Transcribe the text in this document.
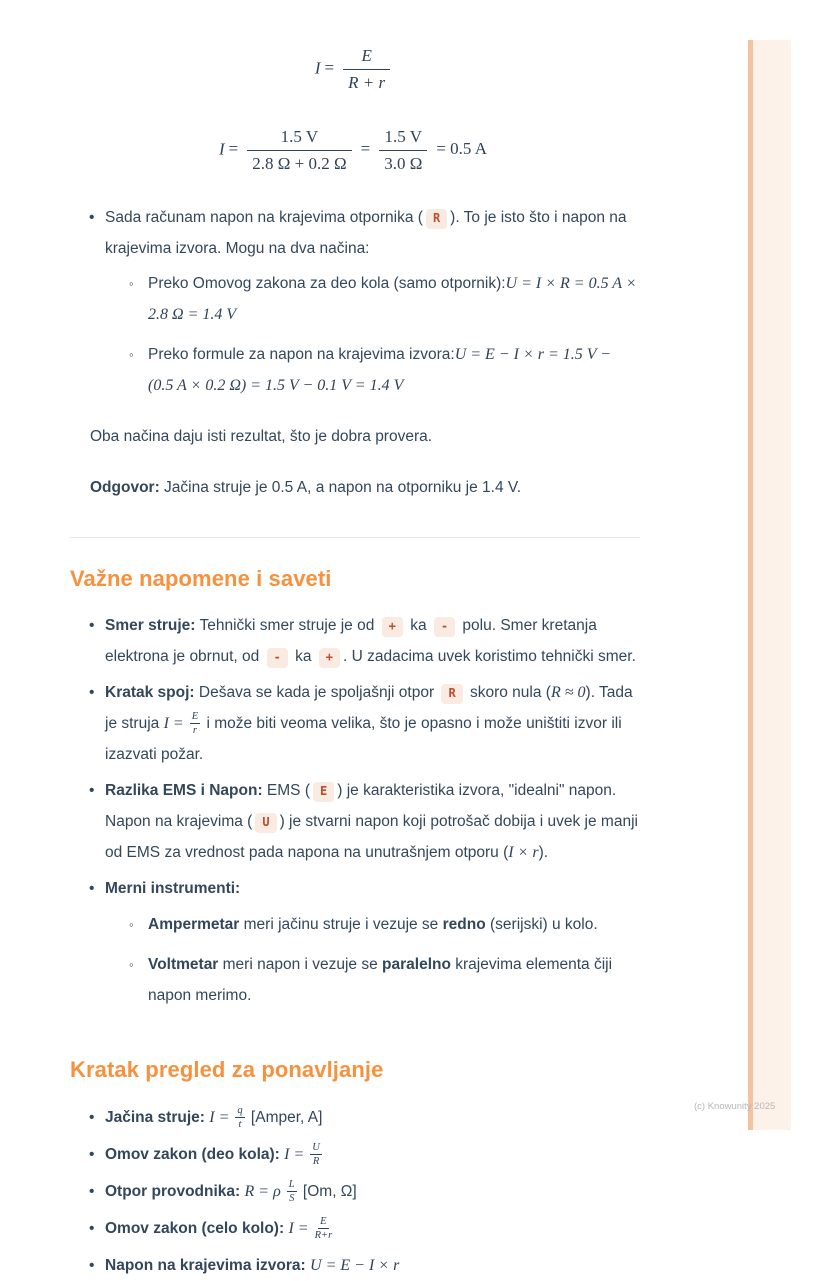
(c) Knowunity 2025
$I = \frac{E}{R + r}$
$I = \frac{1.5 V}{2.8 \Omega + 0.2 \Omega} = \frac{1.5 V}{3.0 \Omega} = 0.5$ A
• Sada računam napon na krajevima otpornika ( R ). To je isto što i napon na krajevima izvora. Mogu na dva načina:
◦ Preko Omovog zakona za deo kola (samo otpornik):U = I × R = 0.5 A × 2.8 Ω = 1.4 V
◦ Preko formule za napon na krajevima izvora:U = E − I × r = 1.5 V − (0.5 A × 0.2 Ω) = 1.5 V − 0.1 V = 1.4 V

Oba načina daju isti rezultat, što je dobra provera.

Odgovor: Jačina struje je 0.5 A, a napon na otporniku je 1.4 V.

Važne napomene i saveti
• Smer struje: Tehnički smer struje je od + ka - polu. Smer kretanja elektrona je obrnut, od - ka + . U zadacima uvek koristimo tehnički smer.
• Kratak spoj: Dešava se kada je spoljašnji otpor R skoro nula (R ≈ 0). Tada je struja $I = \frac{E}{r}$ i može biti veoma velika, što je opasno i može uništiti izvor ili izazvati požar.
• Razlika EMS i Napon: EMS ( E ) je karakteristika izvora, "idealni" napon. Napon na krajevima ( U ) je stvarni napon koji potrošač dobija i uvek je manji od EMS za vrednost pada napona na unutrašnjem otporu (I × r).
• Merni instrumenti:
◦ Ampermetar meri jačinu struje i vezuje se redno (serijski) u kolo.
◦ Voltmetar meri napon i vezuje se paralelno krajevima elementa čiji napon merimo.
Kratak pregled za ponavljanje
• Jačina struje: $I = \frac{q}{t}$ [Amper, A]
• Omov zakon (deo kola): $I = \frac{U}{R}$
• Otpor provodnika: R = ρ $\frac{L}{S} [Om$, Ω]
• Omov zakon (celo kolo): $I = \frac{E}{R+r}$
• Napon na krajevima izvora: U = E − I × r
